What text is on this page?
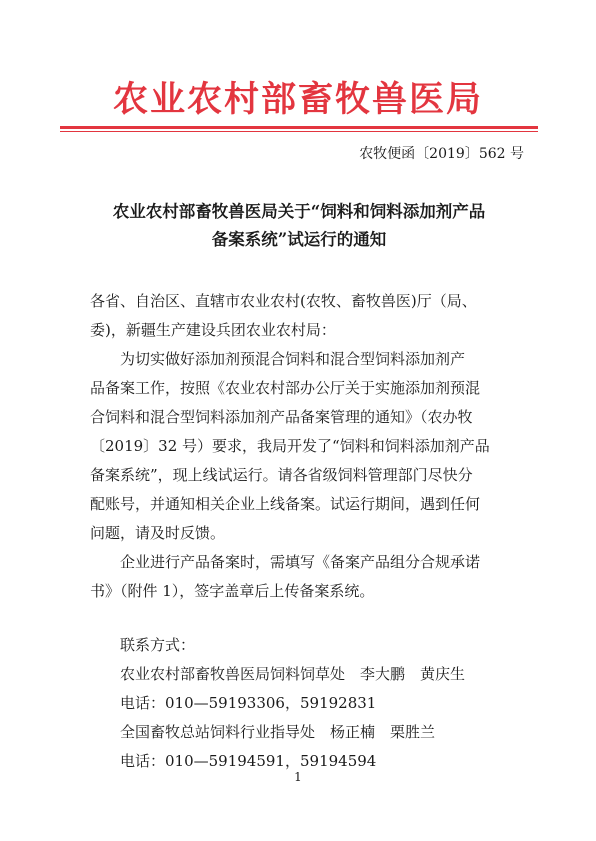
农业农村部畜牧兽医局
农牧便函〔2019〕562 号
农业农村部畜牧兽医局关于“饲料和饲料添加剂产品
备案系统”试运行的通知
各省、自治区、直辖市农业农村(农牧、畜牧兽医)厅（局、
委)，新疆生产建设兵团农业农村局：
为切实做好添加剂预混合饲料和混合型饲料添加剂产
品备案工作，按照《农业农村部办公厅关于实施添加剂预混
合饲料和混合型饲料添加剂产品备案管理的通知》（农办牧
〔2019〕32 号）要求，我局开发了“饲料和饲料添加剂产品
备案系统”，现上线试运行。请各省级饲料管理部门尽快分
配账号，并通知相关企业上线备案。试运行期间，遇到任何
问题，请及时反馈。
企业进行产品备案时，需填写《备案产品组分合规承诺
书》（附件 1），签字盖章后上传备案系统。
联系方式：
农业农村部畜牧兽医局饲料饲草处　李大鹏　黄庆生
电话：010—59193306，59192831
全国畜牧总站饲料行业指导处　杨正楠　栗胜兰
电话：010—59194591，59194594
1
